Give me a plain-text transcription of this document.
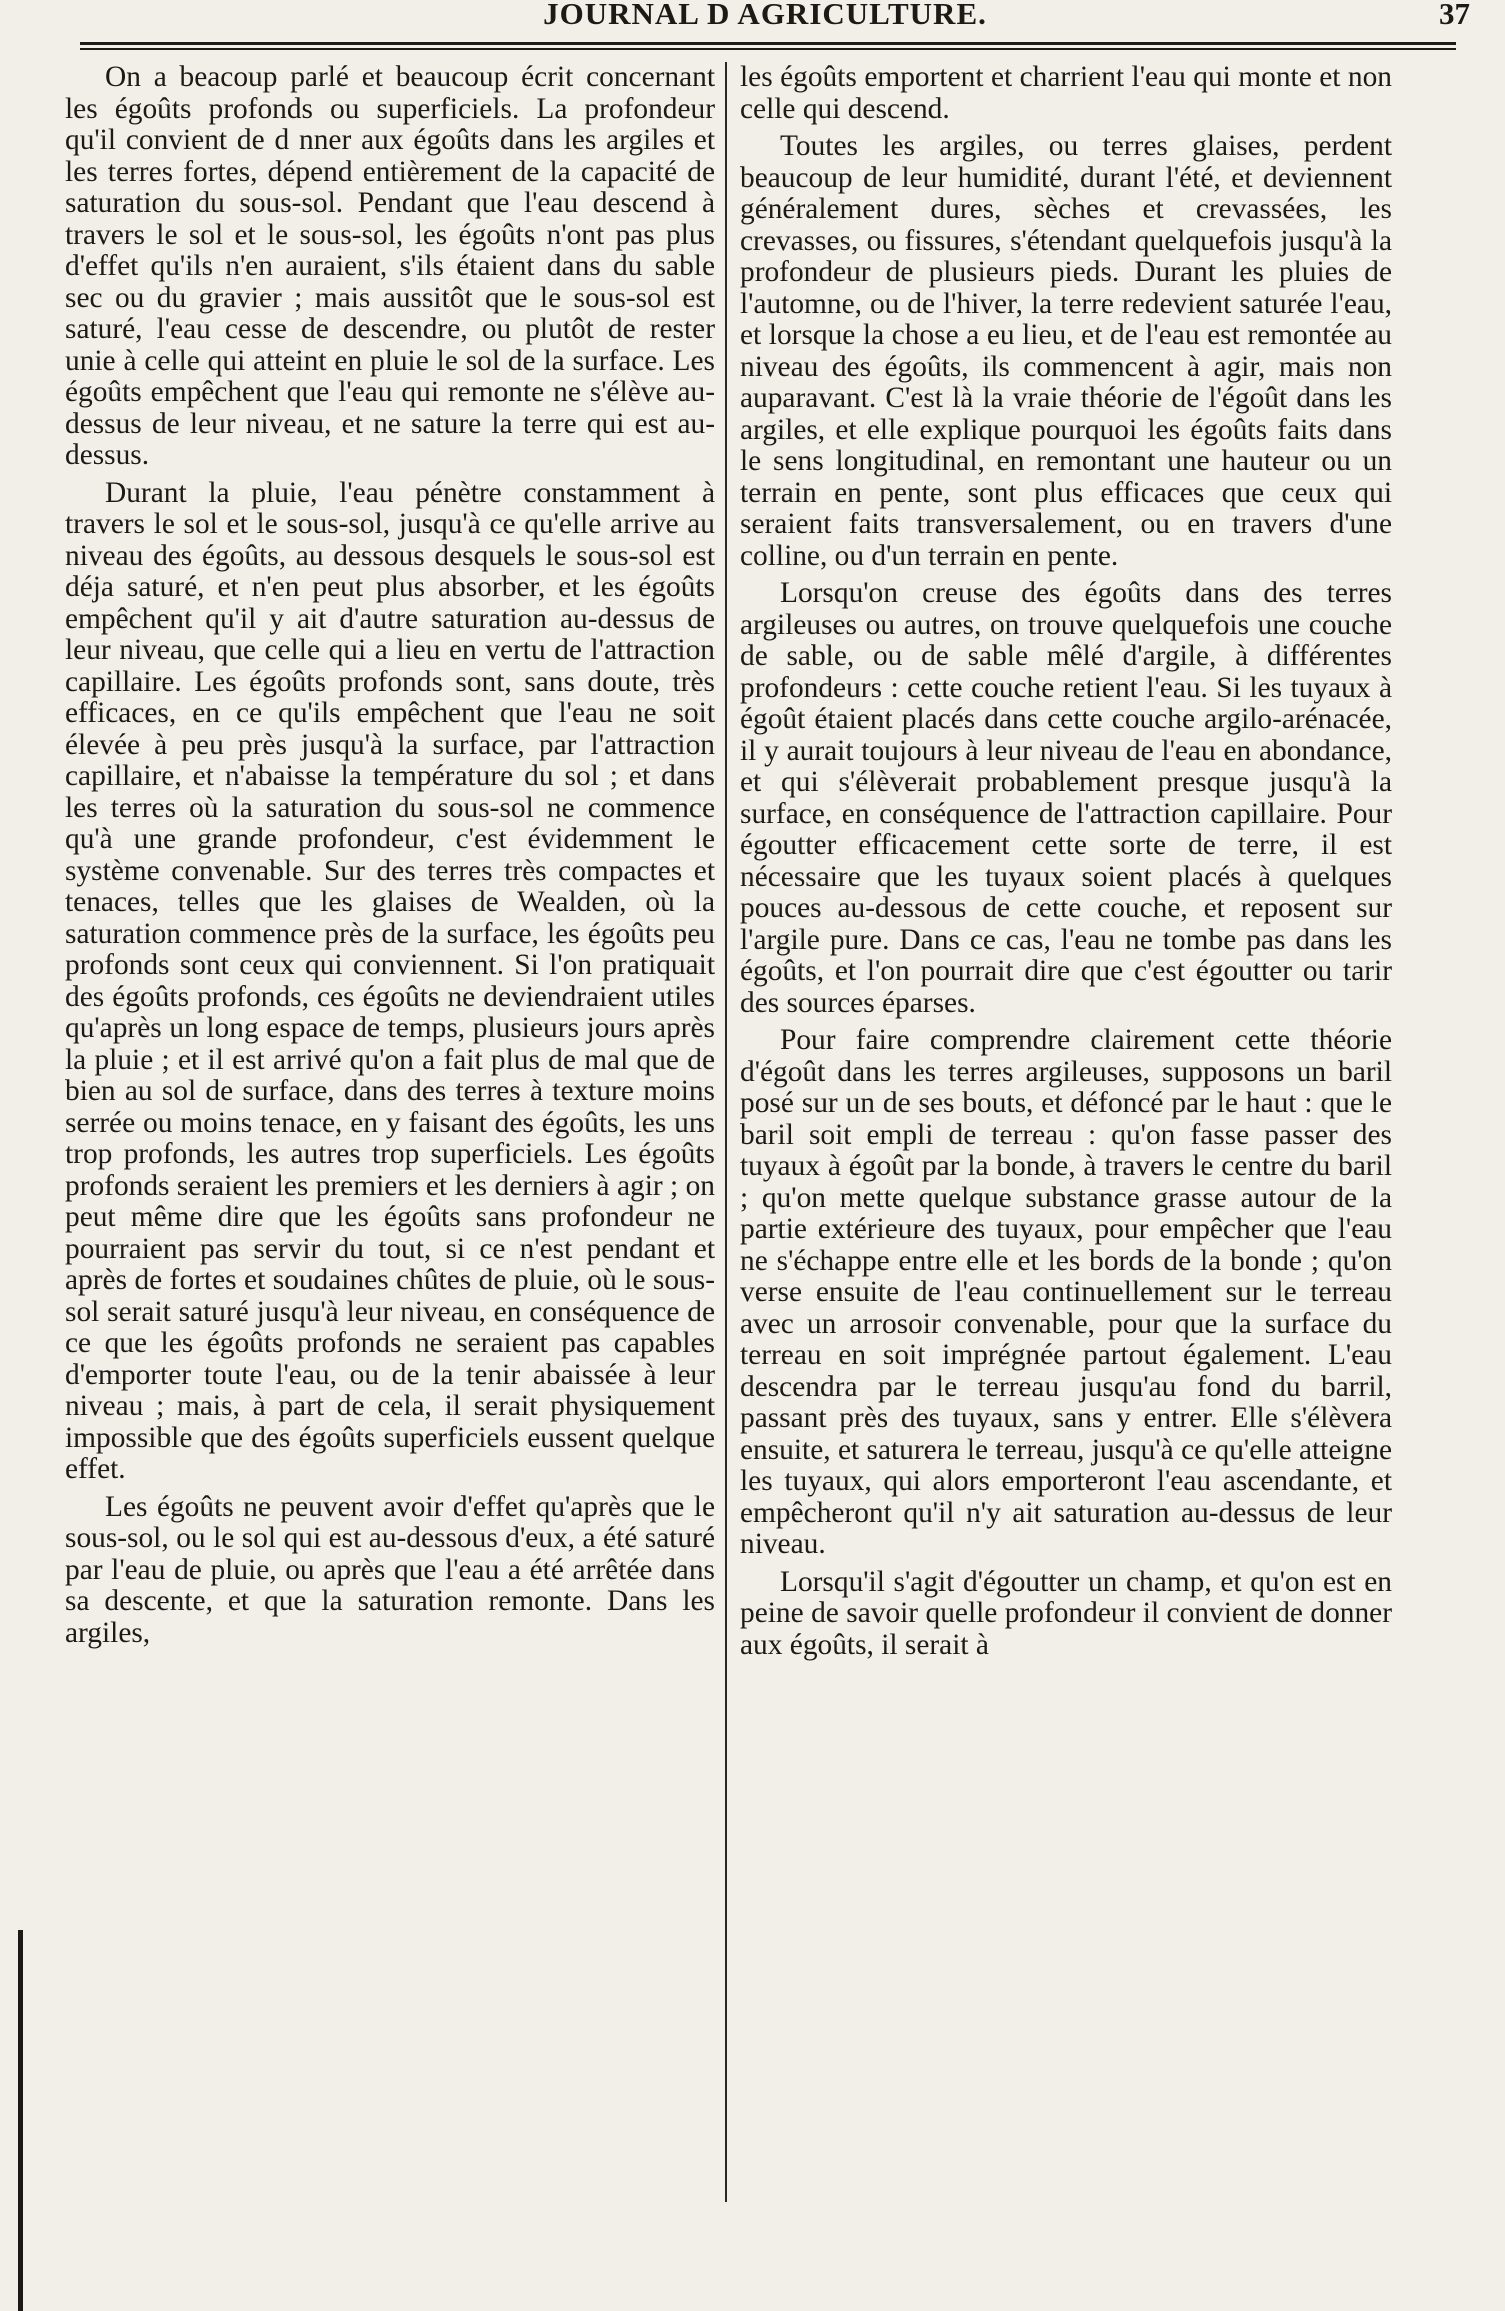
JOURNAL D AGRICULTURE.	37

On a beacoup parlé et beaucoup écrit concernant les égoûts profonds ou superficiels. La profondeur qu'il convient de d nner aux égoûts dans les argiles et les terres fortes, dépend entièrement de la capacité de saturation du sous-sol. Pendant que l'eau descend à travers le sol et le sous-sol, les égoûts n'ont pas plus d'effet qu'ils n'en auraient, s'ils étaient dans du sable sec ou du gravier ; mais aussitôt que le sous-sol est saturé, l'eau cesse de descendre, ou plutôt de rester unie à celle qui atteint en pluie le sol de la surface. Les égoûts empêchent que l'eau qui remonte ne s'élève au-dessus de leur niveau, et ne sature la terre qui est au-dessus.

Durant la pluie, l'eau pénètre constamment à travers le sol et le sous-sol, jusqu'à ce qu'elle arrive au niveau des égoûts, au dessous desquels le sous-sol est déja saturé, et n'en peut plus absorber, et les égoûts empêchent qu'il y ait d'autre saturation au-dessus de leur niveau, que celle qui a lieu en vertu de l'attraction capillaire. Les égoûts profonds sont, sans doute, très efficaces, en ce qu'ils empêchent que l'eau ne soit élevée à peu près jusqu'à la surface, par l'attraction capillaire, et n'abaisse la température du sol ; et dans les terres où la saturation du sous-sol ne commence qu'à une grande profondeur, c'est évidemment le système convenable. Sur des terres très compactes et tenaces, telles que les glaises de Wealden, où la saturation commence près de la surface, les égoûts peu profonds sont ceux qui conviennent. Si l'on pratiquait des égoûts profonds, ces égoûts ne deviendraient utiles qu'après un long espace de temps, plusieurs jours après la pluie ; et il est arrivé qu'on a fait plus de mal que de bien au sol de surface, dans des terres à texture moins serrée ou moins tenace, en y faisant des égoûts, les uns trop profonds, les autres trop superficiels. Les égoûts profonds seraient les premiers et les derniers à agir ; on peut même dire que les égoûts sans profondeur ne pourraient pas servir du tout, si ce n'est pendant et après de fortes et soudaines chûtes de pluie, où le sous-sol serait saturé jusqu'à leur niveau, en conséquence de ce que les égoûts profonds ne seraient pas capables d'emporter toute l'eau, ou de la tenir abaissée à leur niveau ; mais, à part de cela, il serait physiquement impossible que des égoûts superficiels eussent quelque effet.

Les égoûts ne peuvent avoir d'effet qu'après que le sous-sol, ou le sol qui est au-dessous d'eux, a été saturé par l'eau de pluie, ou après que l'eau a été arrêtée dans sa descente, et que la saturation remonte. Dans les argiles,

les égoûts emportent et charrient l'eau qui monte et non celle qui descend.

Toutes les argiles, ou terres glaises, perdent beaucoup de leur humidité, durant l'été, et deviennent généralement dures, sèches et crevassées, les crevasses, ou fissures, s'étendant quelquefois jusqu'à la profondeur de plusieurs pieds. Durant les pluies de l'automne, ou de l'hiver, la terre redevient saturée l'eau, et lorsque la chose a eu lieu, et de l'eau est remontée au niveau des égoûts, ils commencent à agir, mais non auparavant. C'est là la vraie théorie de l'égoût dans les argiles, et elle explique pourquoi les égoûts faits dans le sens longitudinal, en remontant une hauteur ou un terrain en pente, sont plus efficaces que ceux qui seraient faits transversalement, ou en travers d'une colline, ou d'un terrain en pente.

Lorsqu'on creuse des égoûts dans des terres argileuses ou autres, on trouve quelquefois une couche de sable, ou de sable mêlé d'argile, à différentes profondeurs : cette couche retient l'eau. Si les tuyaux à égoût étaient placés dans cette couche argilo-arénacée, il y aurait toujours à leur niveau de l'eau en abondance, et qui s'élèverait probablement presque jusqu'à la surface, en conséquence de l'attraction capillaire. Pour égoutter efficacement cette sorte de terre, il est nécessaire que les tuyaux soient placés à quelques pouces au-dessous de cette couche, et reposent sur l'argile pure. Dans ce cas, l'eau ne tombe pas dans les égoûts, et l'on pourrait dire que c'est égoutter ou tarir des sources éparses.

Pour faire comprendre clairement cette théorie d'égoût dans les terres argileuses, supposons un baril posé sur un de ses bouts, et défoncé par le haut : que le baril soit empli de terreau : qu'on fasse passer des tuyaux à égoût par la bonde, à travers le centre du baril ; qu'on mette quelque substance grasse autour de la partie extérieure des tuyaux, pour empêcher que l'eau ne s'échappe entre elle et les bords de la bonde ; qu'on verse ensuite de l'eau continuellement sur le terreau avec un arrosoir convenable, pour que la surface du terreau en soit imprégnée partout également. L'eau descendra par le terreau jusqu'au fond du barril, passant près des tuyaux, sans y entrer. Elle s'élèvera ensuite, et saturera le terreau, jusqu'à ce qu'elle atteigne les tuyaux, qui alors emporteront l'eau ascendante, et empêcheront qu'il n'y ait saturation au-dessus de leur niveau.

Lorsqu'il s'agit d'égoutter un champ, et qu'on est en peine de savoir quelle profondeur il convient de donner aux égoûts, il serait à
